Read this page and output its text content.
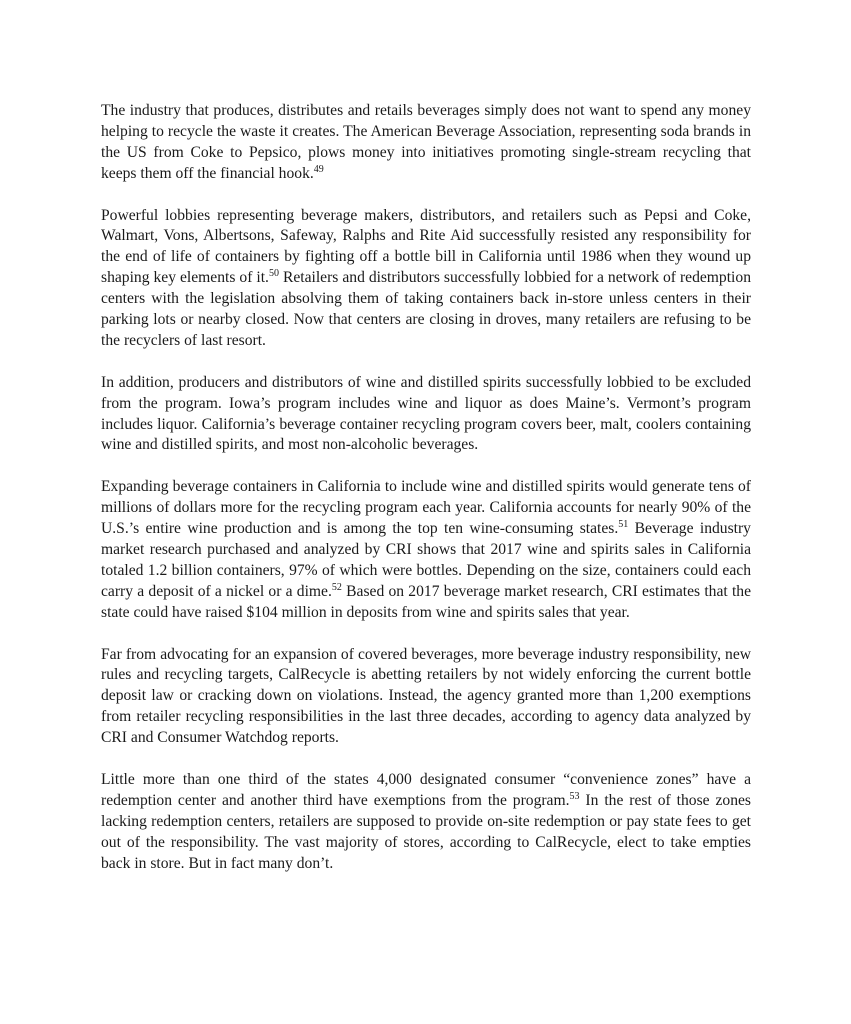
The industry that produces, distributes and retails beverages simply does not want to spend any money helping to recycle the waste it creates. The American Beverage Association, representing soda brands in the US from Coke to Pepsico, plows money into initiatives promoting single-stream recycling that keeps them off the financial hook.$^{49}$

Powerful lobbies representing beverage makers, distributors, and retailers such as Pepsi and Coke, Walmart, Vons, Albertsons, Safeway, Ralphs and Rite Aid successfully resisted any responsibility for the end of life of containers by fighting off a bottle bill in California until 1986 when they wound up shaping key elements of it.$^{50}$ Retailers and distributors successfully lobbied for a network of redemption centers with the legislation absolving them of taking containers back in-store unless centers in their parking lots or nearby closed. Now that centers are closing in droves, many retailers are refusing to be the recyclers of last resort.

In addition, producers and distributors of wine and distilled spirits successfully lobbied to be excluded from the program. Iowa’s program includes wine and liquor as does Maine’s. Vermont’s program includes liquor. California’s beverage container recycling program covers beer, malt, coolers containing wine and distilled spirits, and most non-alcoholic beverages.

Expanding beverage containers in California to include wine and distilled spirits would generate tens of millions of dollars more for the recycling program each year. California accounts for nearly 90% of the U.S.’s entire wine production and is among the top ten wine-consuming states.$^{51}$ Beverage industry market research purchased and analyzed by CRI shows that 2017 wine and spirits sales in California totaled 1.2 billion containers, 97% of which were bottles. Depending on the size, containers could each carry a deposit of a nickel or a dime.$^{52}$ Based on 2017 beverage market research, CRI estimates that the state could have raised $104 million in deposits from wine and spirits sales that year.

Far from advocating for an expansion of covered beverages, more beverage industry responsibility, new rules and recycling targets, CalRecycle is abetting retailers by not widely enforcing the current bottle deposit law or cracking down on violations. Instead, the agency granted more than 1,200 exemptions from retailer recycling responsibilities in the last three decades, according to agency data analyzed by CRI and Consumer Watchdog reports.

Little more than one third of the states 4,000 designated consumer “convenience zones” have a redemption center and another third have exemptions from the program.$^{53}$ In the rest of those zones lacking redemption centers, retailers are supposed to provide on-site redemption or pay state fees to get out of the responsibility. The vast majority of stores, according to CalRecycle, elect to take empties back in store. But in fact many don’t.
